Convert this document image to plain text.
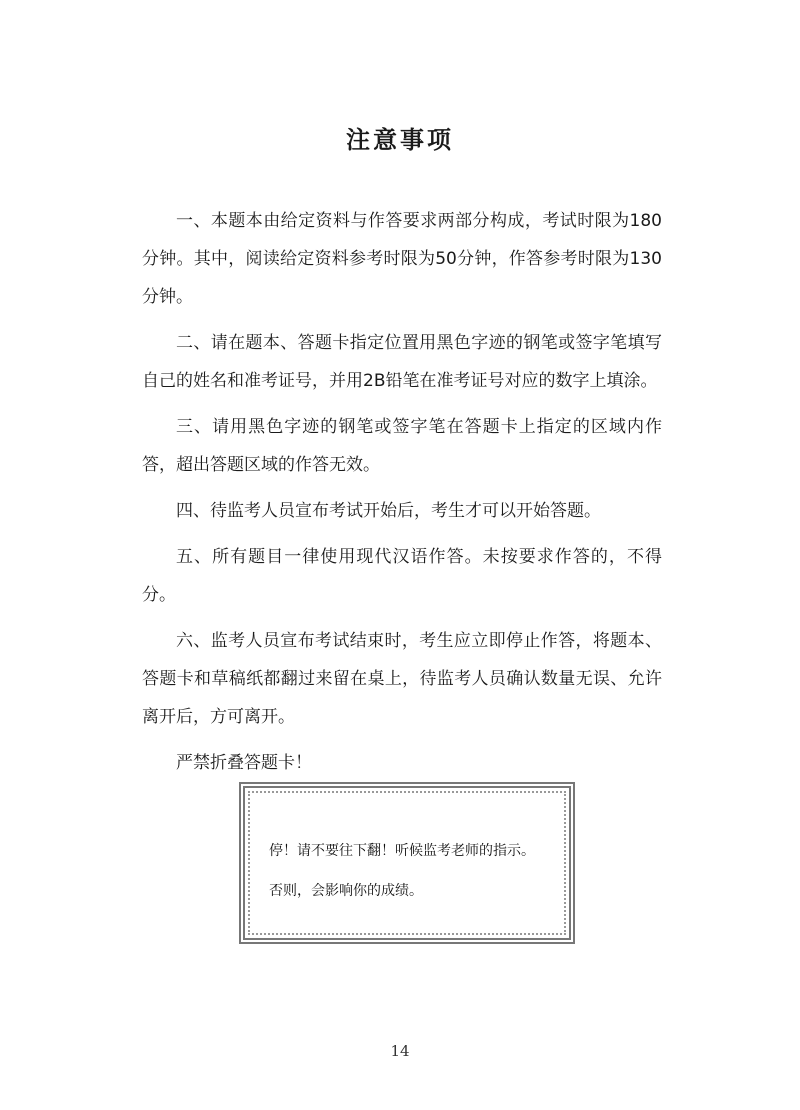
注意事项

一、本题本由给定资料与作答要求两部分构成，考试时限为180分钟。其中，阅读给定资料参考时限为50分钟，作答参考时限为130分钟。

二、请在题本、答题卡指定位置用黑色字迹的钢笔或签字笔填写自己的姓名和准考证号，并用2B铅笔在准考证号对应的数字上填涂。

三、请用黑色字迹的钢笔或签字笔在答题卡上指定的区域内作答，超出答题区域的作答无效。

四、待监考人员宣布考试开始后，考生才可以开始答题。

五、所有题目一律使用现代汉语作答。未按要求作答的，不得分。

六、监考人员宣布考试结束时，考生应立即停止作答，将题本、答题卡和草稿纸都翻过来留在桌上，待监考人员确认数量无误、允许离开后，方可离开。

严禁折叠答题卡！

停！请不要往下翻！听候监考老师的指示。
否则，会影响你的成绩。
14
